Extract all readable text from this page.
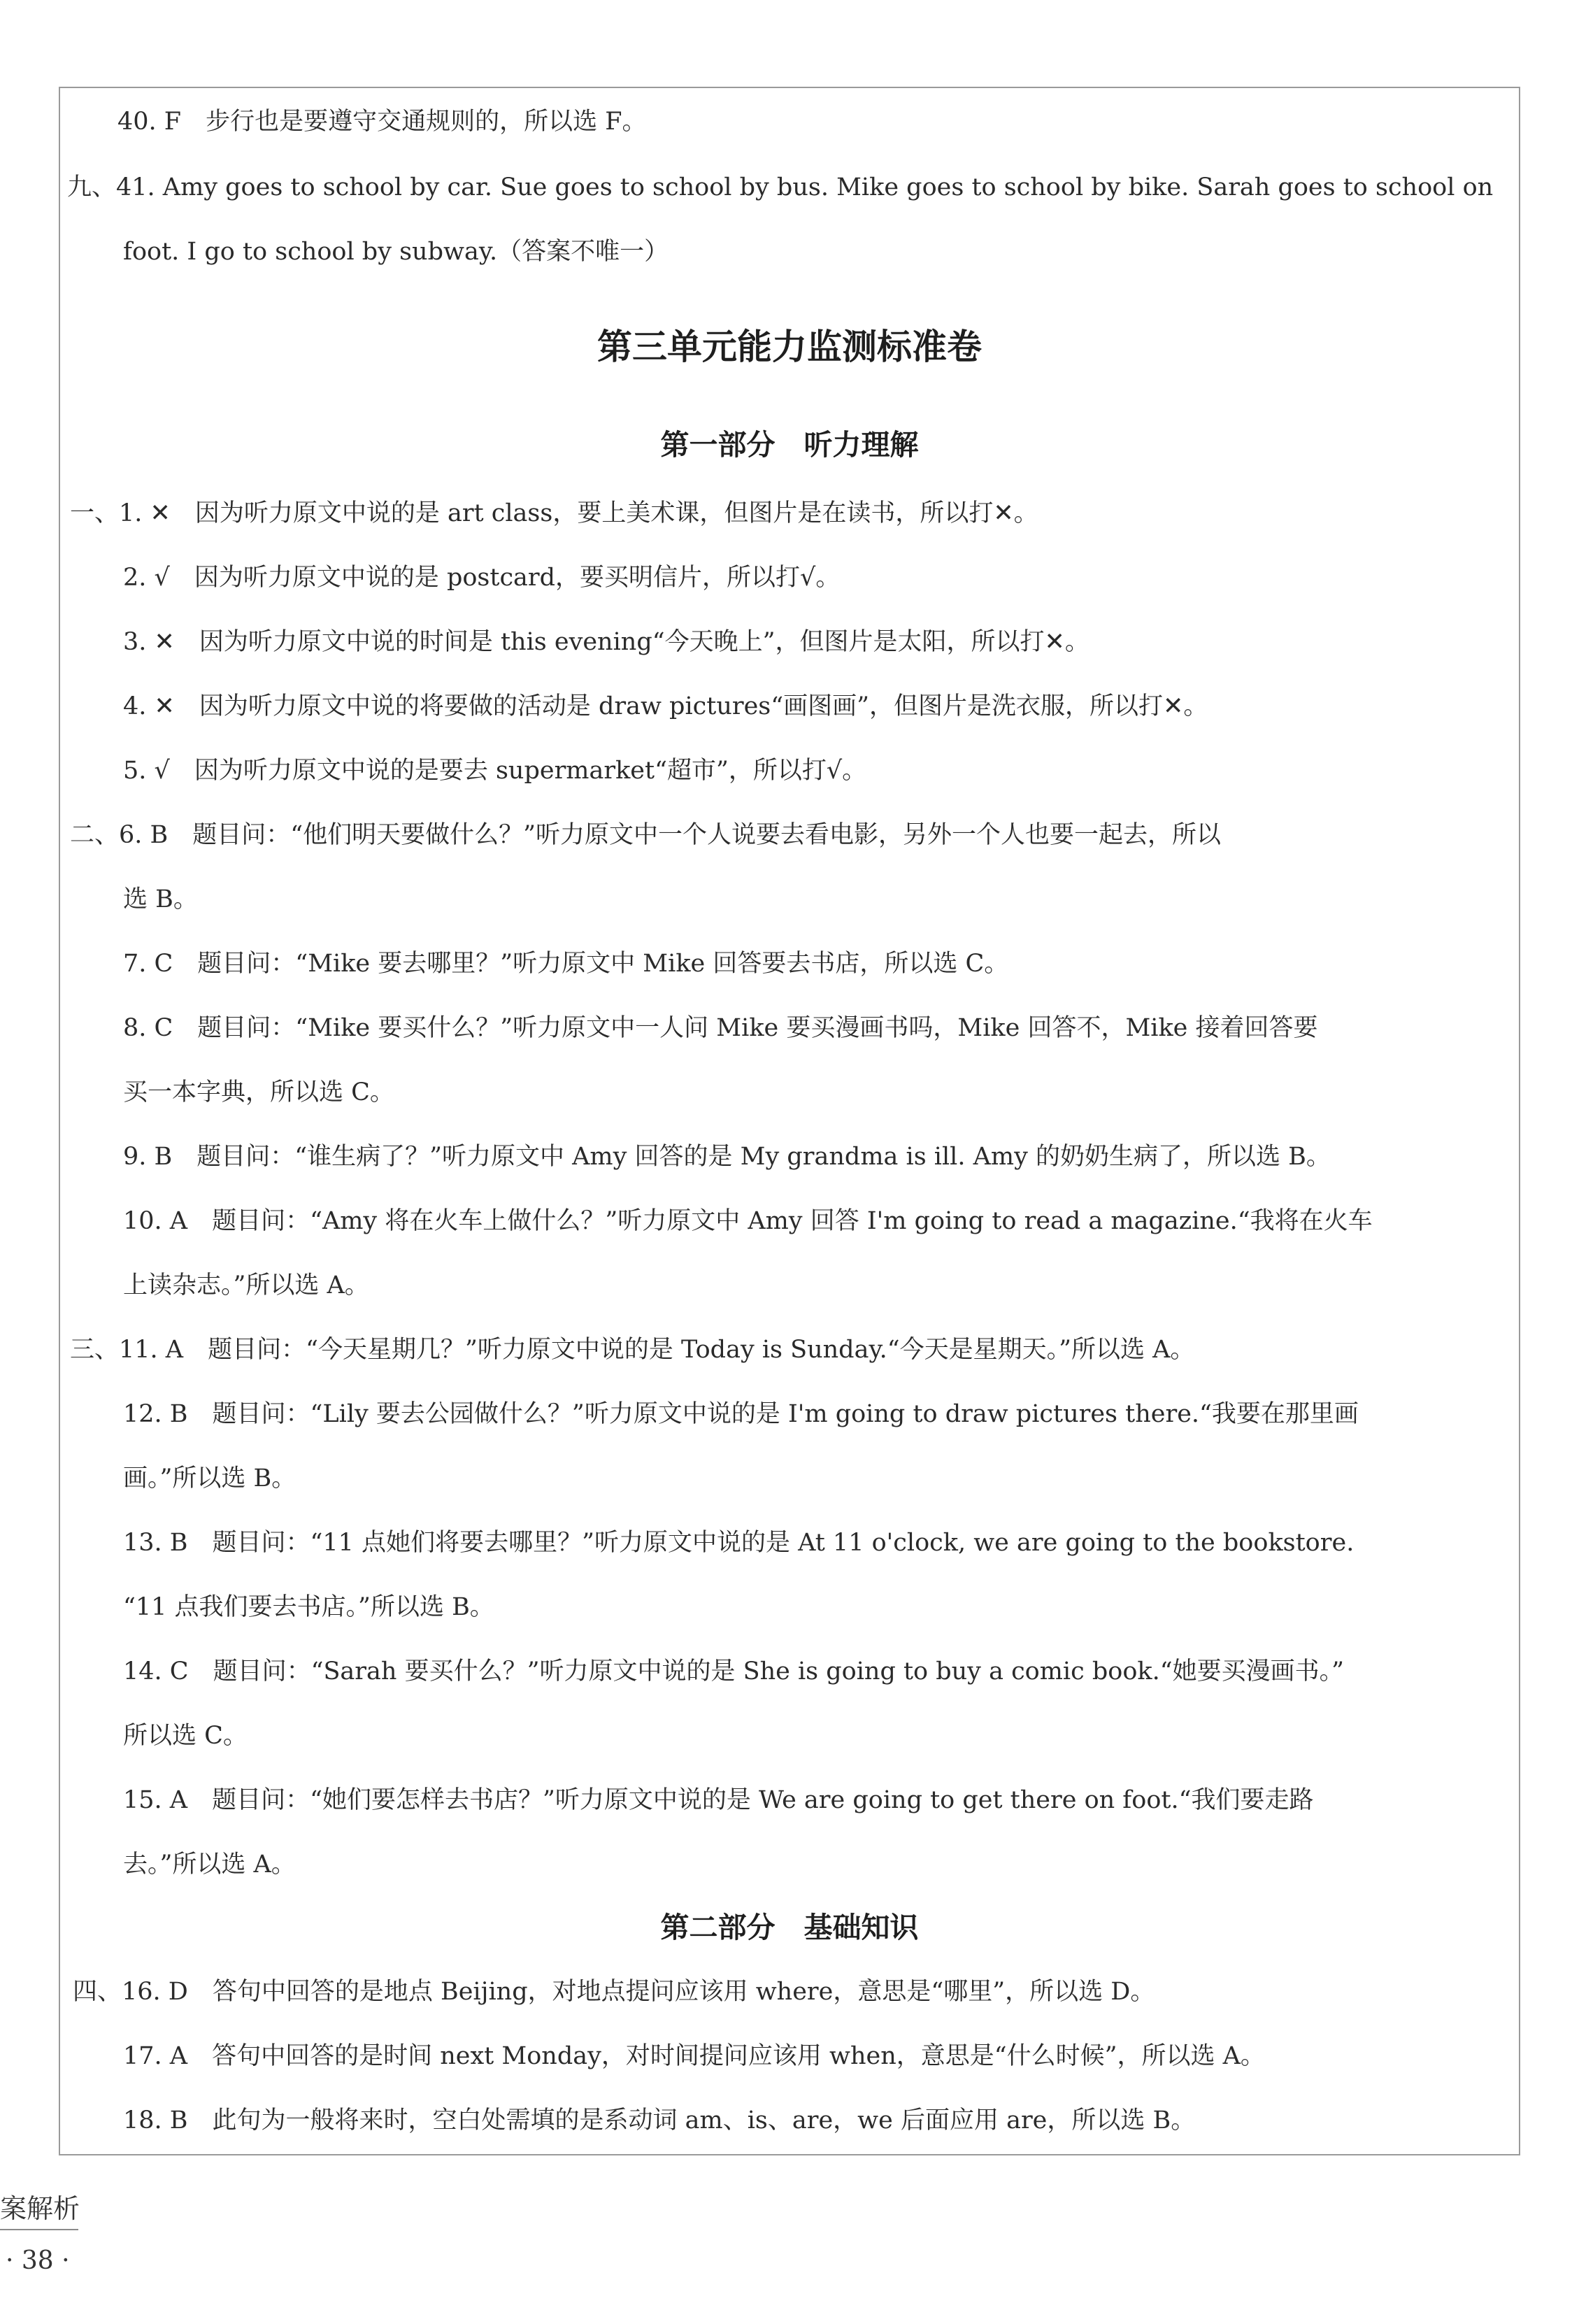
40. F　步行也是要遵守交通规则的，所以选 F。
九、41. Amy goes to school by car. Sue goes to school by bus. Mike goes to school by bike. Sarah goes to school on
foot. I go to school by subway.（答案不唯一）
第三单元能力监测标准卷
第一部分　听力理解
一、1. ✕　因为听力原文中说的是 art class，要上美术课，但图片是在读书，所以打✕。
2. √　因为听力原文中说的是 postcard，要买明信片，所以打√。
3. ✕　因为听力原文中说的时间是 this evening“今天晚上”，但图片是太阳，所以打✕。
4. ✕　因为听力原文中说的将要做的活动是 draw pictures“画图画”，但图片是洗衣服，所以打✕。
5. √　因为听力原文中说的是要去 supermarket“超市”，所以打√。
二、6. B　题目问：“他们明天要做什么？”听力原文中一个人说要去看电影，另外一个人也要一起去，所以
选 B。
7. C　题目问：“Mike 要去哪里？”听力原文中 Mike 回答要去书店，所以选 C。
8. C　题目问：“Mike 要买什么？”听力原文中一人问 Mike 要买漫画书吗，Mike 回答不，Mike 接着回答要
买一本字典，所以选 C。
9. B　题目问：“谁生病了？”听力原文中 Amy 回答的是 My grandma is ill. Amy 的奶奶生病了，所以选 B。
10. A　题目问：“Amy 将在火车上做什么？”听力原文中 Amy 回答 I'm going to read a magazine.“我将在火车
上读杂志。”所以选 A。
三、11. A　题目问：“今天星期几？”听力原文中说的是 Today is Sunday.“今天是星期天。”所以选 A。
12. B　题目问：“Lily 要去公园做什么？”听力原文中说的是 I'm going to draw pictures there.“我要在那里画
画。”所以选 B。
13. B　题目问：“11 点她们将要去哪里？”听力原文中说的是 At 11 o'clock, we are going to the bookstore.
“11 点我们要去书店。”所以选 B。
14. C　题目问：“Sarah 要买什么？”听力原文中说的是 She is going to buy a comic book.“她要买漫画书。”
所以选 C。
15. A　题目问：“她们要怎样去书店？”听力原文中说的是 We are going to get there on foot.“我们要走路
去。”所以选 A。
第二部分　基础知识
四、16. D　答句中回答的是地点 Beijing，对地点提问应该用 where，意思是“哪里”，所以选 D。
17. A　答句中回答的是时间 next Monday，对时间提问应该用 when，意思是“什么时候”，所以选 A。
18. B　此句为一般将来时，空白处需填的是系动词 am、is、are，we 后面应用 are，所以选 B。
案解析
· 38 ·
